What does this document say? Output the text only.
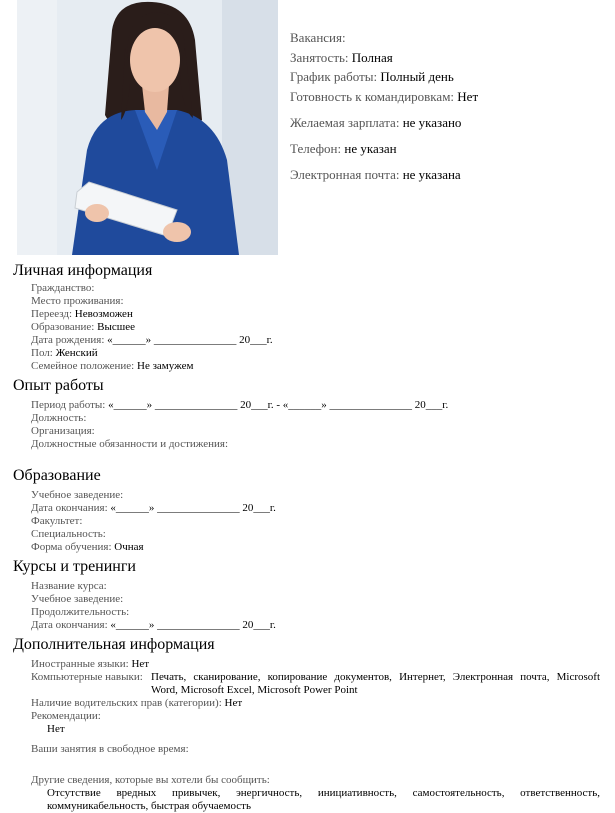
Вакансия:
Занятость: Полная
График работы: Полный день
Готовность к командировкам: Нет
Желаемая зарплата: не указано
Телефон: не указан
Электронная почта: не указана
Личная информация
Гражданство:
Место проживания:
Переезд: Невозможен
Образование: Высшее
Дата рождения: «______» _______________ 20___г.
Пол: Женский
Семейное положение: Не замужем
Опыт работы
Период работы: «______» _______________ 20___г. - «______» _______________ 20___г.
Должность:
Организация:
Должностные обязанности и достижения:
Образование
Учебное заведение:
Дата окончания: «______» _______________ 20___г.
Факультет:
Специальность:
Форма обучения: Очная
Курсы и тренинги
Название курса:
Учебное заведение:
Продолжительность:
Дата окончания: «______» _______________ 20___г.
Дополнительная информация
Иностранные языки: Нет
Компьютерные навыки: Печать, сканирование, копирование документов, Интернет, Электронная почта, Microsoft
Word, Microsoft Excel, Microsoft Power Point
Наличие водительских прав (категории): Нет
Рекомендации:
Нет
Ваши занятия в свободное время:
Другие сведения, которые вы хотели бы сообщить:
Отсутствие вредных привычек, энергичность, инициативность, самостоятельность, ответственность,
коммуникабельность, быстрая обучаемость
